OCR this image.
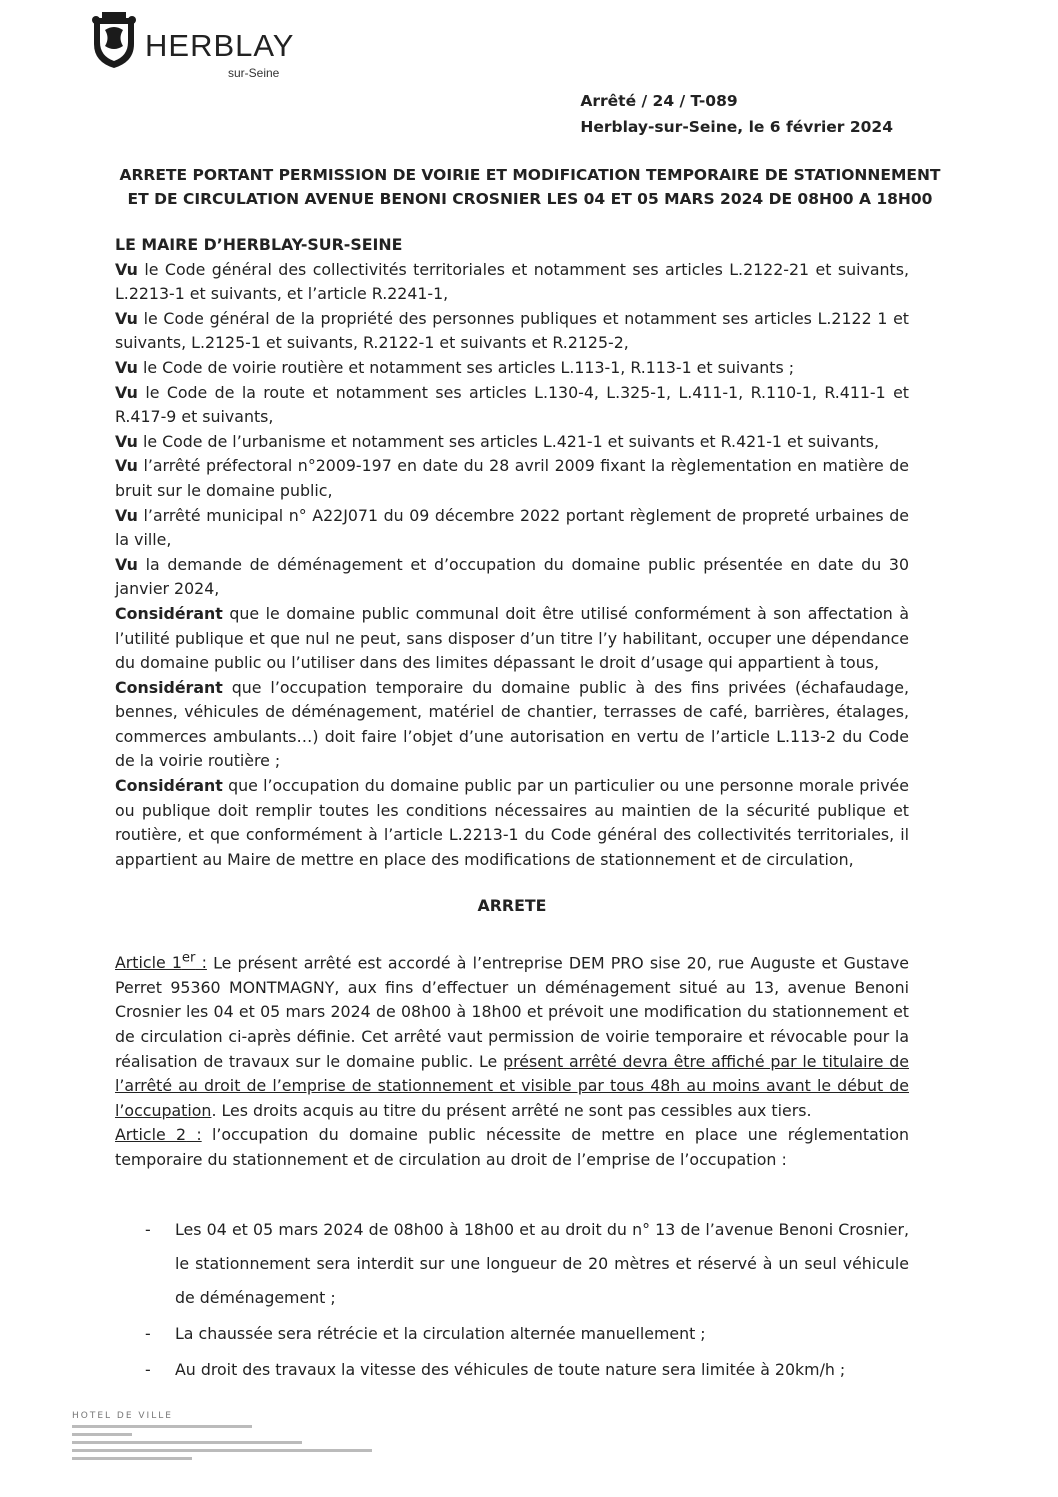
HERBLAY
sur-Seine
Arrêté / 24 / T-089
Herblay-sur-Seine, le 6 février 2024
ARRETE PORTANT PERMISSION DE VOIRIE ET MODIFICATION TEMPORAIRE DE STATIONNEMENT
ET DE CIRCULATION AVENUE BENONI CROSNIER LES 04 ET 05 MARS 2024 DE 08H00 A 18H00

LE MAIRE D’HERBLAY-SUR-SEINE

Vu le Code général des collectivités territoriales et notamment ses articles L.2122-21 et suivants, L.2213-1 et suivants, et l’article R.2241-1,

Vu le Code général de la propriété des personnes publiques et notamment ses articles L.2122 1 et suivants, L.2125-1 et suivants, R.2122-1 et suivants et R.2125-2,

Vu le Code de voirie routière et notamment ses articles L.113-1, R.113-1 et suivants ;

Vu le Code de la route et notamment ses articles L.130-4, L.325-1, L.411-1, R.110-1, R.411-1 et R.417-9 et suivants,

Vu le Code de l’urbanisme et notamment ses articles L.421-1 et suivants et R.421-1 et suivants,

Vu l’arrêté préfectoral n°2009-197 en date du 28 avril 2009 fixant la règlementation en matière de bruit sur le domaine public,

Vu l’arrêté municipal n° A22J071 du 09 décembre 2022 portant règlement de propreté urbaines de la ville,

Vu la demande de déménagement et d’occupation du domaine public présentée en date du 30 janvier 2024,

Considérant que le domaine public communal doit être utilisé conformément à son affectation à l’utilité publique et que nul ne peut, sans disposer d’un titre l’y habilitant, occuper une dépendance du domaine public ou l’utiliser dans des limites dépassant le droit d’usage qui appartient à tous,

Considérant que l’occupation temporaire du domaine public à des fins privées (échafaudage, bennes, véhicules de déménagement, matériel de chantier, terrasses de café, barrières, étalages, commerces ambulants…) doit faire l’objet d’une autorisation en vertu de l’article L.113-2 du Code de la voirie routière ;

Considérant que l’occupation du domaine public par un particulier ou une personne morale privée ou publique doit remplir toutes les conditions nécessaires au maintien de la sécurité publique et routière, et que conformément à l’article L.2213-1 du Code général des collectivités territoriales, il appartient au Maire de mettre en place des modifications de stationnement et de circulation,

ARRETE

Article 1er : Le présent arrêté est accordé à l’entreprise DEM PRO sise 20, rue Auguste et Gustave Perret 95360 MONTMAGNY, aux fins d’effectuer un déménagement situé au 13, avenue Benoni Crosnier les 04 et 05 mars 2024 de 08h00 à 18h00 et prévoit une modification du stationnement et de circulation ci-après définie. Cet arrêté vaut permission de voirie temporaire et révocable pour la réalisation de travaux sur le domaine public. Le présent arrêté devra être affiché par le titulaire de l’arrêté au droit de l’emprise de stationnement et visible par tous 48h au moins avant le début de l’occupation. Les droits acquis au titre du présent arrêté ne sont pas cessibles aux tiers.

Article 2 : l’occupation du domaine public nécessite de mettre en place une réglementation temporaire du stationnement et de circulation au droit de l’emprise de l’occupation :

- Les 04 et 05 mars 2024 de 08h00 à 18h00 et au droit du n° 13 de l’avenue Benoni Crosnier, le stationnement sera interdit sur une longueur de 20 mètres et réservé à un seul véhicule de déménagement ;
- La chaussée sera rétrécie et la circulation alternée manuellement ;
- Au droit des travaux la vitesse des véhicules de toute nature sera limitée à 20km/h ;
HOTEL DE VILLE
